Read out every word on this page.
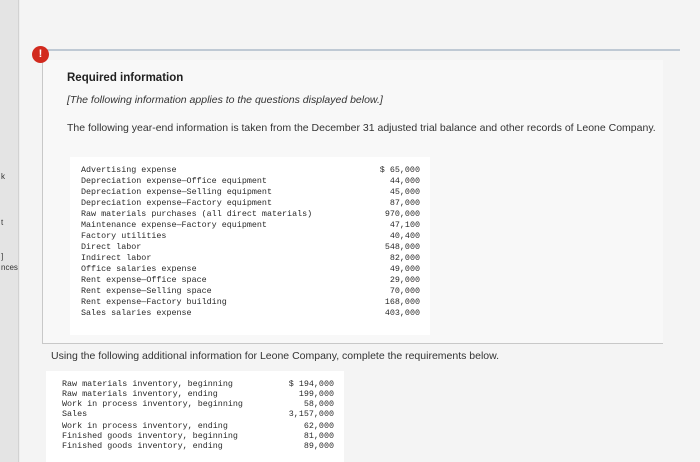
k
t
]
nces
!
Required information
[The following information applies to the questions displayed below.]
The following year-end information is taken from the December 31 adjusted trial balance and other records of Leone Company.
Advertising expense	$ 65,000
Depreciation expense—Office equipment	44,000
Depreciation expense—Selling equipment	45,000
Depreciation expense—Factory equipment	87,000
Raw materials purchases (all direct materials)	970,000
Maintenance expense—Factory equipment	47,100
Factory utilities	40,400
Direct labor	548,000
Indirect labor	82,000
Office salaries expense	49,000
Rent expense—Office space	29,000
Rent expense—Selling space	70,000
Rent expense—Factory building	168,000
Sales salaries expense	403,000
Using the following additional information for Leone Company, complete the requirements below.
Raw materials inventory, beginning	$ 194,000
Raw materials inventory, ending	199,000
Work in process inventory, beginning	58,000
Sales	3,157,000
Work in process inventory, ending	62,000
Finished goods inventory, beginning	81,000
Finished goods inventory, ending	89,000
